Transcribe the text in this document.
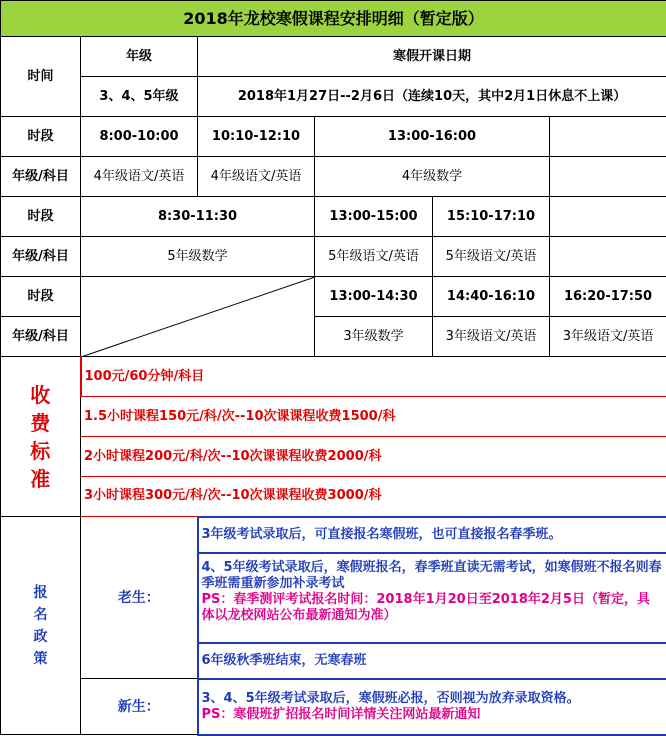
2018年龙校寒假课程安排明细（暂定版）					
时间	年级	寒假开课日期			
	3、4、5年级	2018年1月27日--2月6日（连续10天，其中2月1日休息不上课）			
时段	8:00-10:00	10:10-12:10	13:00-16:00		
年级/科目	4年级语文/英语	4年级语文/英语	4年级数学		
时段	8:30-11:30		13:00-15:00	15:10-17:10	
年级/科目	5年级数学		5年级语文/英语	5年级语文/英语	
时段			13:00-14:30	14:40-16:10	16:20-17:50
年级/科目			3年级数学	3年级语文/英语	3年级语文/英语
收费标准	100元/60分钟/科目				
	1.5小时课程150元/科/次--10次课课程收费1500/科				
	2小时课程200元/科/次--10次课课程收费2000/科				
	3小时课程300元/科/次--10次课课程收费3000/科				
报名政策	老生：	3年级考试录取后，可直接报名寒假班，也可直接报名春季班。			

		4、5年级考试录取后，寒假班报名，春季班直读无需考试，如寒假班不报名则春季班需重新参加补录考试
PS：春季测评考试报名时间：2018年1月20日至2018年2月5日（暂定，具体以龙校网站公布最新通知为准）			

		6年级秋季班结束，无寒春班			
	新生：	3、4、5年级考试录取后，寒假班必报，否则视为放弃录取资格。
PS：寒假班扩招报名时间详情关注网站最新通知			
